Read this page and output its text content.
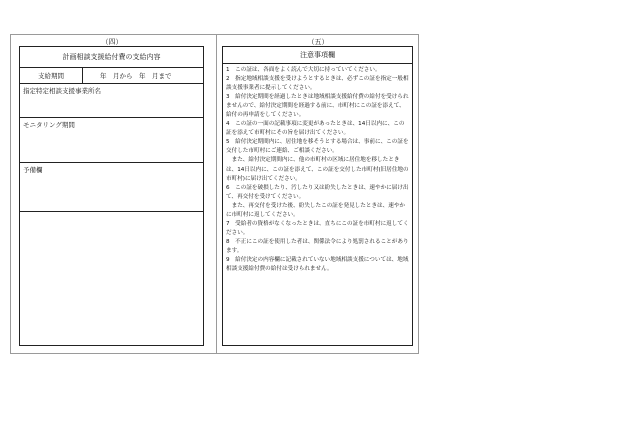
（四）	（五）
計画相談支援給付費の支給内容
支給期間	年　月から　年　月まで
指定特定相談支援事業所名
モニタリング期間
予備欄
注意事項欄

1　この証は、各面をよく読んで大切に持っていてください。

2　指定地域相談支援を受けようとするときは、必ずこの証を指定一般相談支援事業者に提示してください。

3　給付決定期間を経過したときは地域相談支援給付費の給付を受けられませんので、給付決定期間を経過する前に、市町村にこの証を添えて、給付の再申請をしてください。

4　この証の一面の記載事項に変更があったときは、14日以内に、この証を添えて市町村にその旨を届け出てください。

5　給付決定期間内に、居住地を移そうとする場合は、事前に、この証を交付した市町村にご連絡、ご相談ください。

　また、給付決定期間内に、他の市町村の区域に居住地を移したときは、14日以内に、この証を添えて、この証を交付した市町村(旧居住地の市町村)に届け出てください。

6　この証を破損したり、汚したり又は紛失したときは、速やかに届け出て、再交付を受けてください。

　また、再交付を受けた後、紛失したこの証を発見したときは、速やかに市町村に返してください。

7　受給者の資格がなくなったときは、直ちにこの証を市町村に返してください。

8　不正にこの証を使用した者は、関係法令により処罰されることがあります。

9　給付決定の内容欄に記載されていない地域相談支援については、地域相談支援給付費の給付は受けられません。
